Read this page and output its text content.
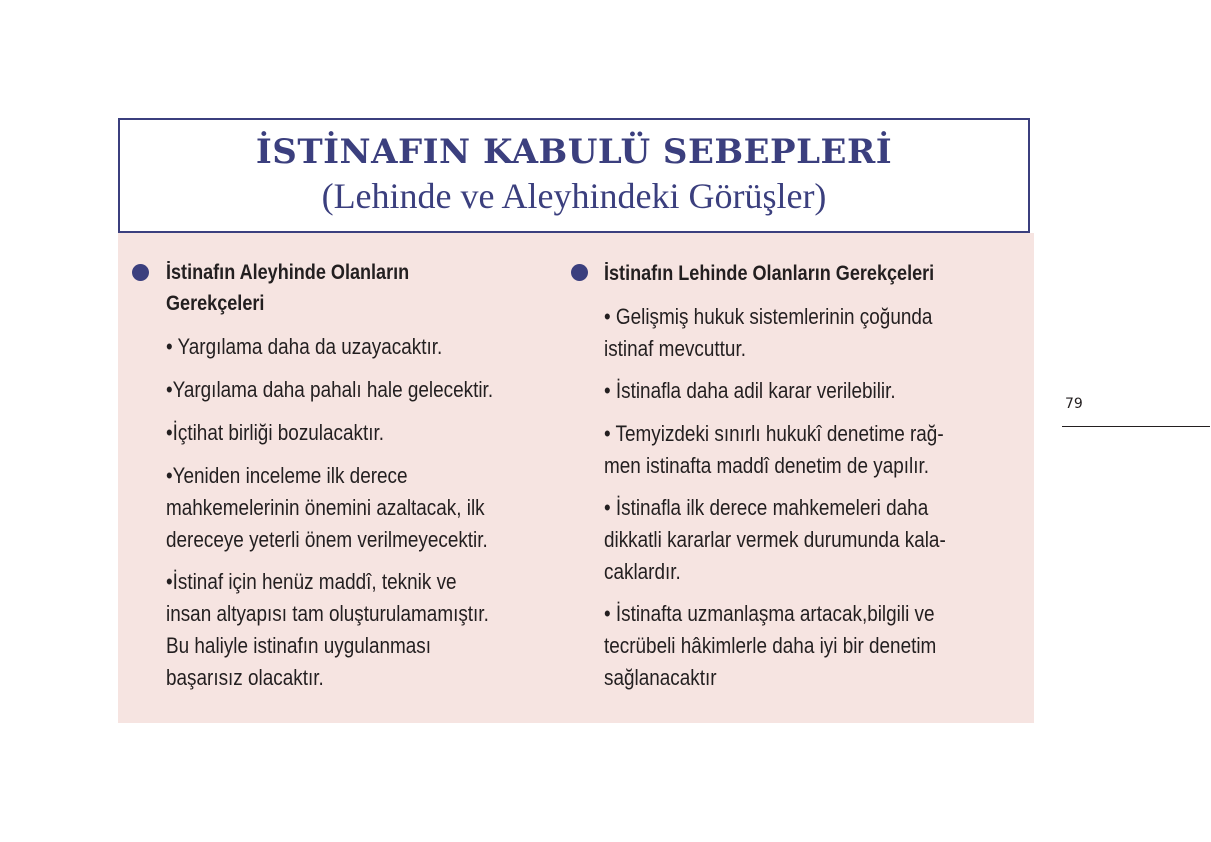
İSTİNAFIN KABULÜ SEBEPLERİ
(Lehinde ve Aleyhindeki Görüşler)
İstinafın Aleyhinde Olanların
Gerekçeleri
• Yargılama daha da uzayacaktır.
•Yargılama daha pahalı hale gelecektir.
•İçtihat birliği bozulacaktır.
•Yeniden inceleme ilk derece
mahkemelerinin önemini azaltacak, ilk
dereceye yeterli önem verilmeyecektir.
•İstinaf için henüz maddî, teknik ve
insan altyapısı tam oluşturulamamıştır.
Bu haliyle istinafın uygulanması
başarısız olacaktır.
İstinafın Lehinde Olanların Gerekçeleri
• Gelişmiş hukuk sistemlerinin çoğunda
istinaf mevcuttur.
• İstinafla daha adil karar verilebilir.
• Temyizdeki sınırlı hukukî denetime rağ-
men istinafta maddî denetim de yapılır.
• İstinafla ilk derece mahkemeleri daha
dikkatli kararlar vermek durumunda kala-
caklardır.
• İstinafta uzmanlaşma artacak,bilgili ve
tecrübeli hâkimlerle daha iyi bir denetim
sağlanacaktır
79
